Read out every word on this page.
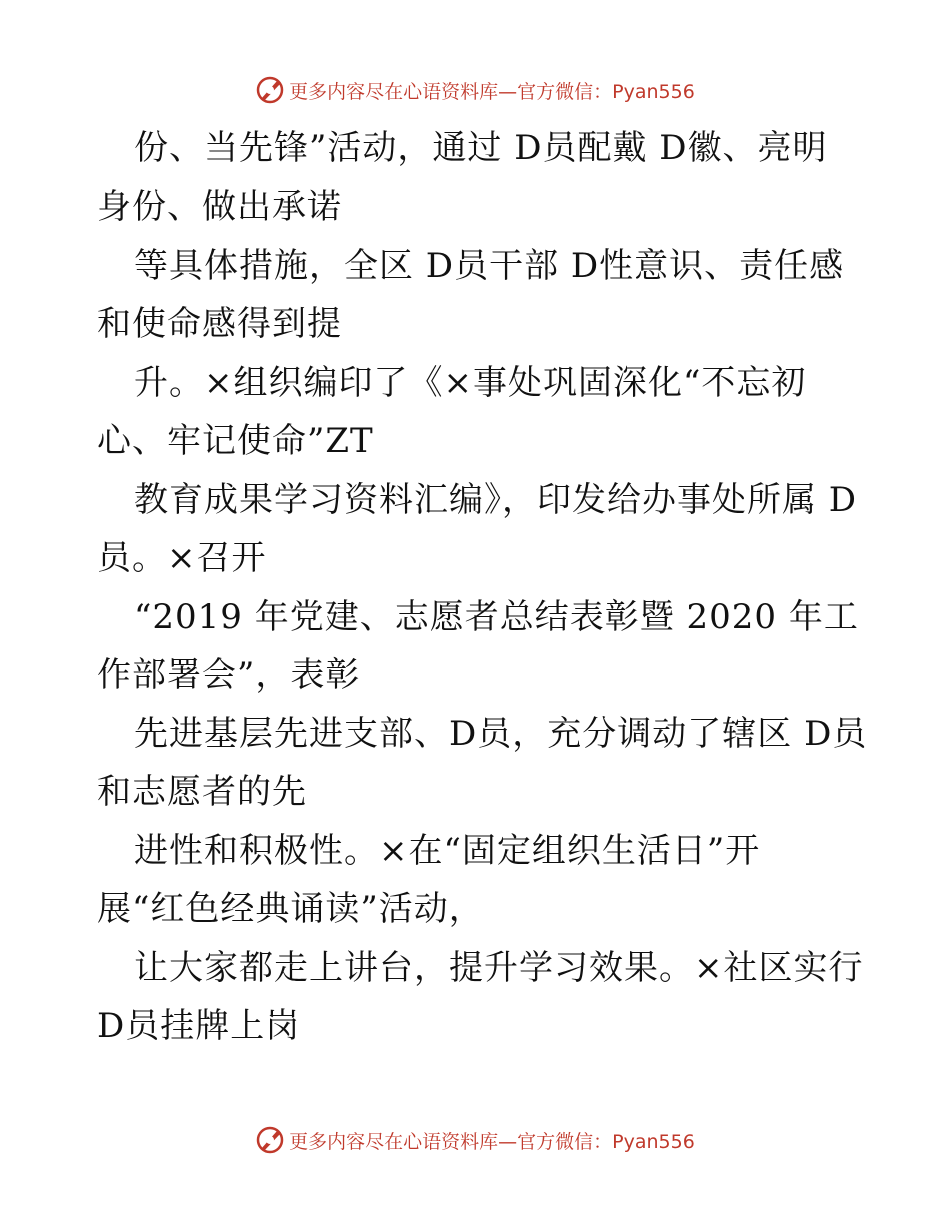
更多内容尽在心语资料库—官方微信：Pyan556
份、当先锋”活动，通过 D员配戴 D徽、亮明
身份、做出承诺
等具体措施，全区 D员干部 D性意识、责任感
和使命感得到提
升。×组织编印了《×事处巩固深化“不忘初
心、牢记使命”ZT
教育成果学习资料汇编》，印发给办事处所属 D
员。×召开
“2019 年党建、志愿者总结表彰暨 2020 年工
作部署会”，表彰
先进基层先进支部、D员，充分调动了辖区 D员
和志愿者的先
进性和积极性。×在“固定组织生活日”开
展“红色经典诵读”活动，
让大家都走上讲台，提升学习效果。×社区实行
D员挂牌上岗
更多内容尽在心语资料库—官方微信：Pyan556
